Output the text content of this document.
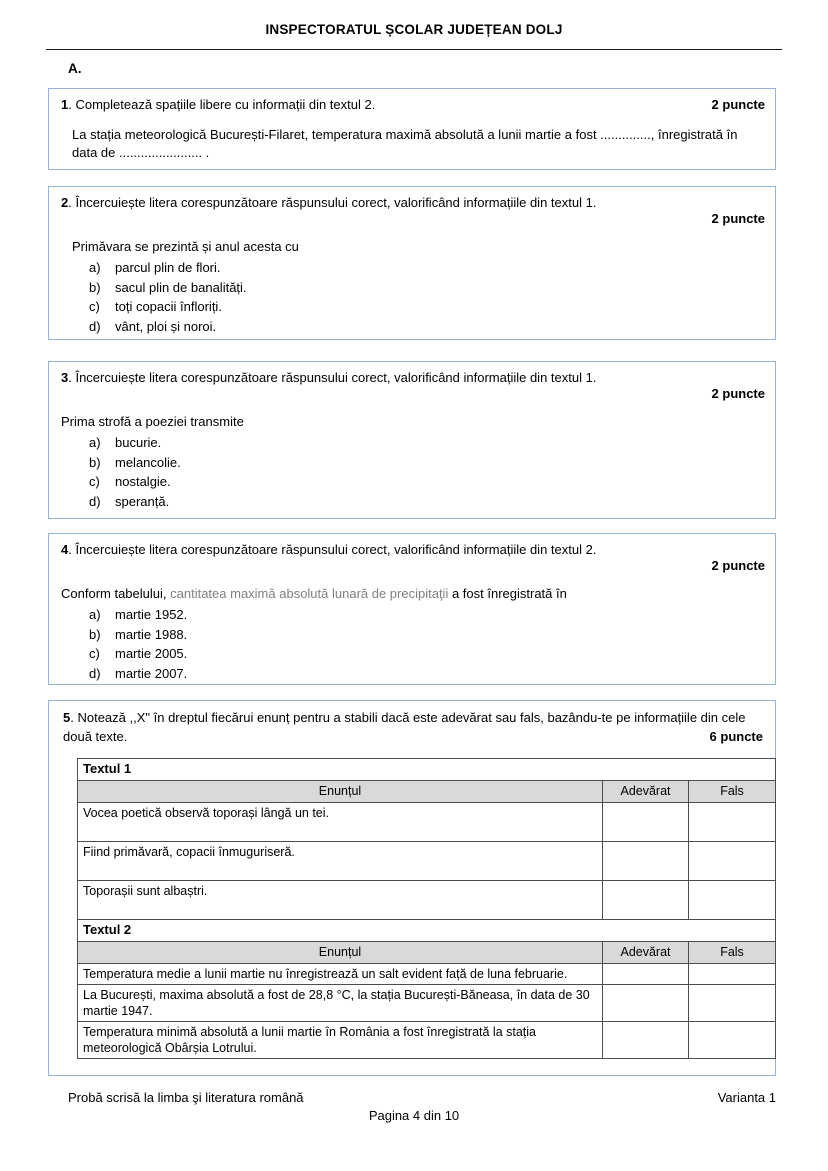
INSPECTORATUL ȘCOLAR JUDEȚEAN DOLJ
A.
2 puncte
1. Completează spațiile libere cu informații din textul 2.
La stația meteorologică București-Filaret, temperatura maximă absolută a lunii martie a fost .............., înregistrată în data de ....................... .
2. Încercuiește litera corespunzătoare răspunsului corect, valorificând informațiile din textul 1.
2 puncte
Primăvara se prezintă și anul acesta cu
a) parcul plin de flori.
b) sacul plin de banalități.
c) toți copacii înfloriți.
d) vânt, ploi și noroi.
3. Încercuiește litera corespunzătoare răspunsului corect, valorificând informațiile din textul 1.
2 puncte
Prima strofă a poeziei transmite
a) bucurie.
b) melancolie.
c) nostalgie.
d) speranță.
4. Încercuiește litera corespunzătoare răspunsului corect, valorificând informațiile din textul 2.
2 puncte
Conform tabelului, cantitatea maximă absolută lunară de precipitaţii a fost înregistrată în
a) martie 1952.
b) martie 1988.
c) martie 2005.
d) martie 2007.
5. Notează ,,X" în dreptul fiecărui enunț pentru a stabili dacă este adevărat sau fals, bazându-te pe informațiile din cele două texte.	6 puncte
Textul 1		
Enunțul	Adevărat	Fals
Vocea poetică observă toporași lângă un tei.		
Fiind primăvară, copacii înmuguriseră.		
Toporașii sunt albaștri.		
Textul 2		
Enunțul	Adevărat	Fals
Temperatura medie a lunii martie nu înregistrează un salt evident față de luna februarie.		
La București, maxima absolută a fost de 28,8 °C, la stația București-Băneasa, în data de 30 martie 1947.		
Temperatura minimă absolută a lunii martie în România a fost înregistrată la stația meteorologică Obârșia Lotrului.		
Probă scrisă la limba şi literatura română	Varianta 1
Pagina 4 din 10
